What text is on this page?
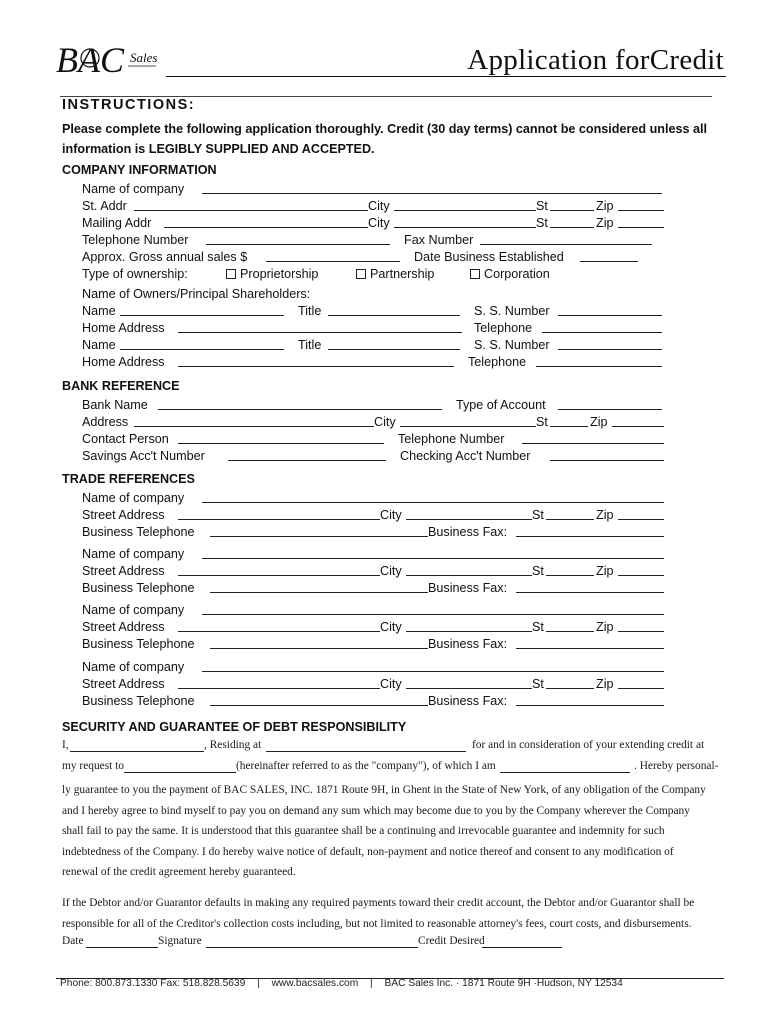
BAC Sales	Application forCredit
INSTRUCTIONS:
Please complete the following application thoroughly. Credit (30 day terms) cannot be considered unless all information is LEGIBLY SUPPLIED AND ACCEPTED.
COMPANY INFORMATION
Name of company
St. Addr	City	St	Zip
Mailing Addr	City	St	Zip
Telephone Number	Fax Number
Approx. Gross annual sales $	Date Business Established
Type of ownership:	Proprietorship	Partnership	Corporation
Name of Owners/Principal Shareholders:
Name	Title	S. S. Number
Home Address	Telephone
Name	Title	S. S. Number
Home Address	Telephone
BANK REFERENCE
Bank Name	Type of Account
Address	City	St	Zip
Contact Person	Telephone Number
Savings Acc't Number	Checking Acc't Number
TRADE REFERENCES
Name of company
Street Address	City	St	Zip
Business Telephone	Business Fax:
Name of company
Street Address	City	St	Zip
Business Telephone	Business Fax:
Name of company
Street Address	City	St	Zip
Business Telephone	Business Fax:
Name of company
Street Address	City	St	Zip
Business Telephone	Business Fax:
SECURITY AND GUARANTEE OF DEBT RESPONSIBILITY
I,	, Residing at	for and in consideration of your extending credit at
my request to	(hereinafter referred to as the "company"), of which I am	. Hereby personal-
ly guarantee to you the payment of BAC SALES, INC. 1871 Route 9H, in Ghent in the State of New York, of any obligation of the Company and I hereby agree to bind myself to pay you on demand any sum which may become due to you by the Company wherever the Company shall fail to pay the same. It is understood that this guarantee shall be a continuing and irrevocable guarantee and indemnity for such indebtedness of the Company. I do hereby waive notice of default, non-payment and notice thereof and consent to any modification of renewal of the credit agreement hereby guaranteed.
If the Debtor and/or Guarantor defaults in making any required payments toward their credit account, the Debtor and/or Guarantor shall be responsible for all of the Creditor's collection costs including, but not limited to reasonable attorney's fees, court costs, and disbursements.
Date	Signature	Credit Desired
Phone: 800.873.1330 Fax: 518.828.5639 | www.bacsales.com | BAC Sales Inc. · 1871 Route 9H ·Hudson, NY 12534
